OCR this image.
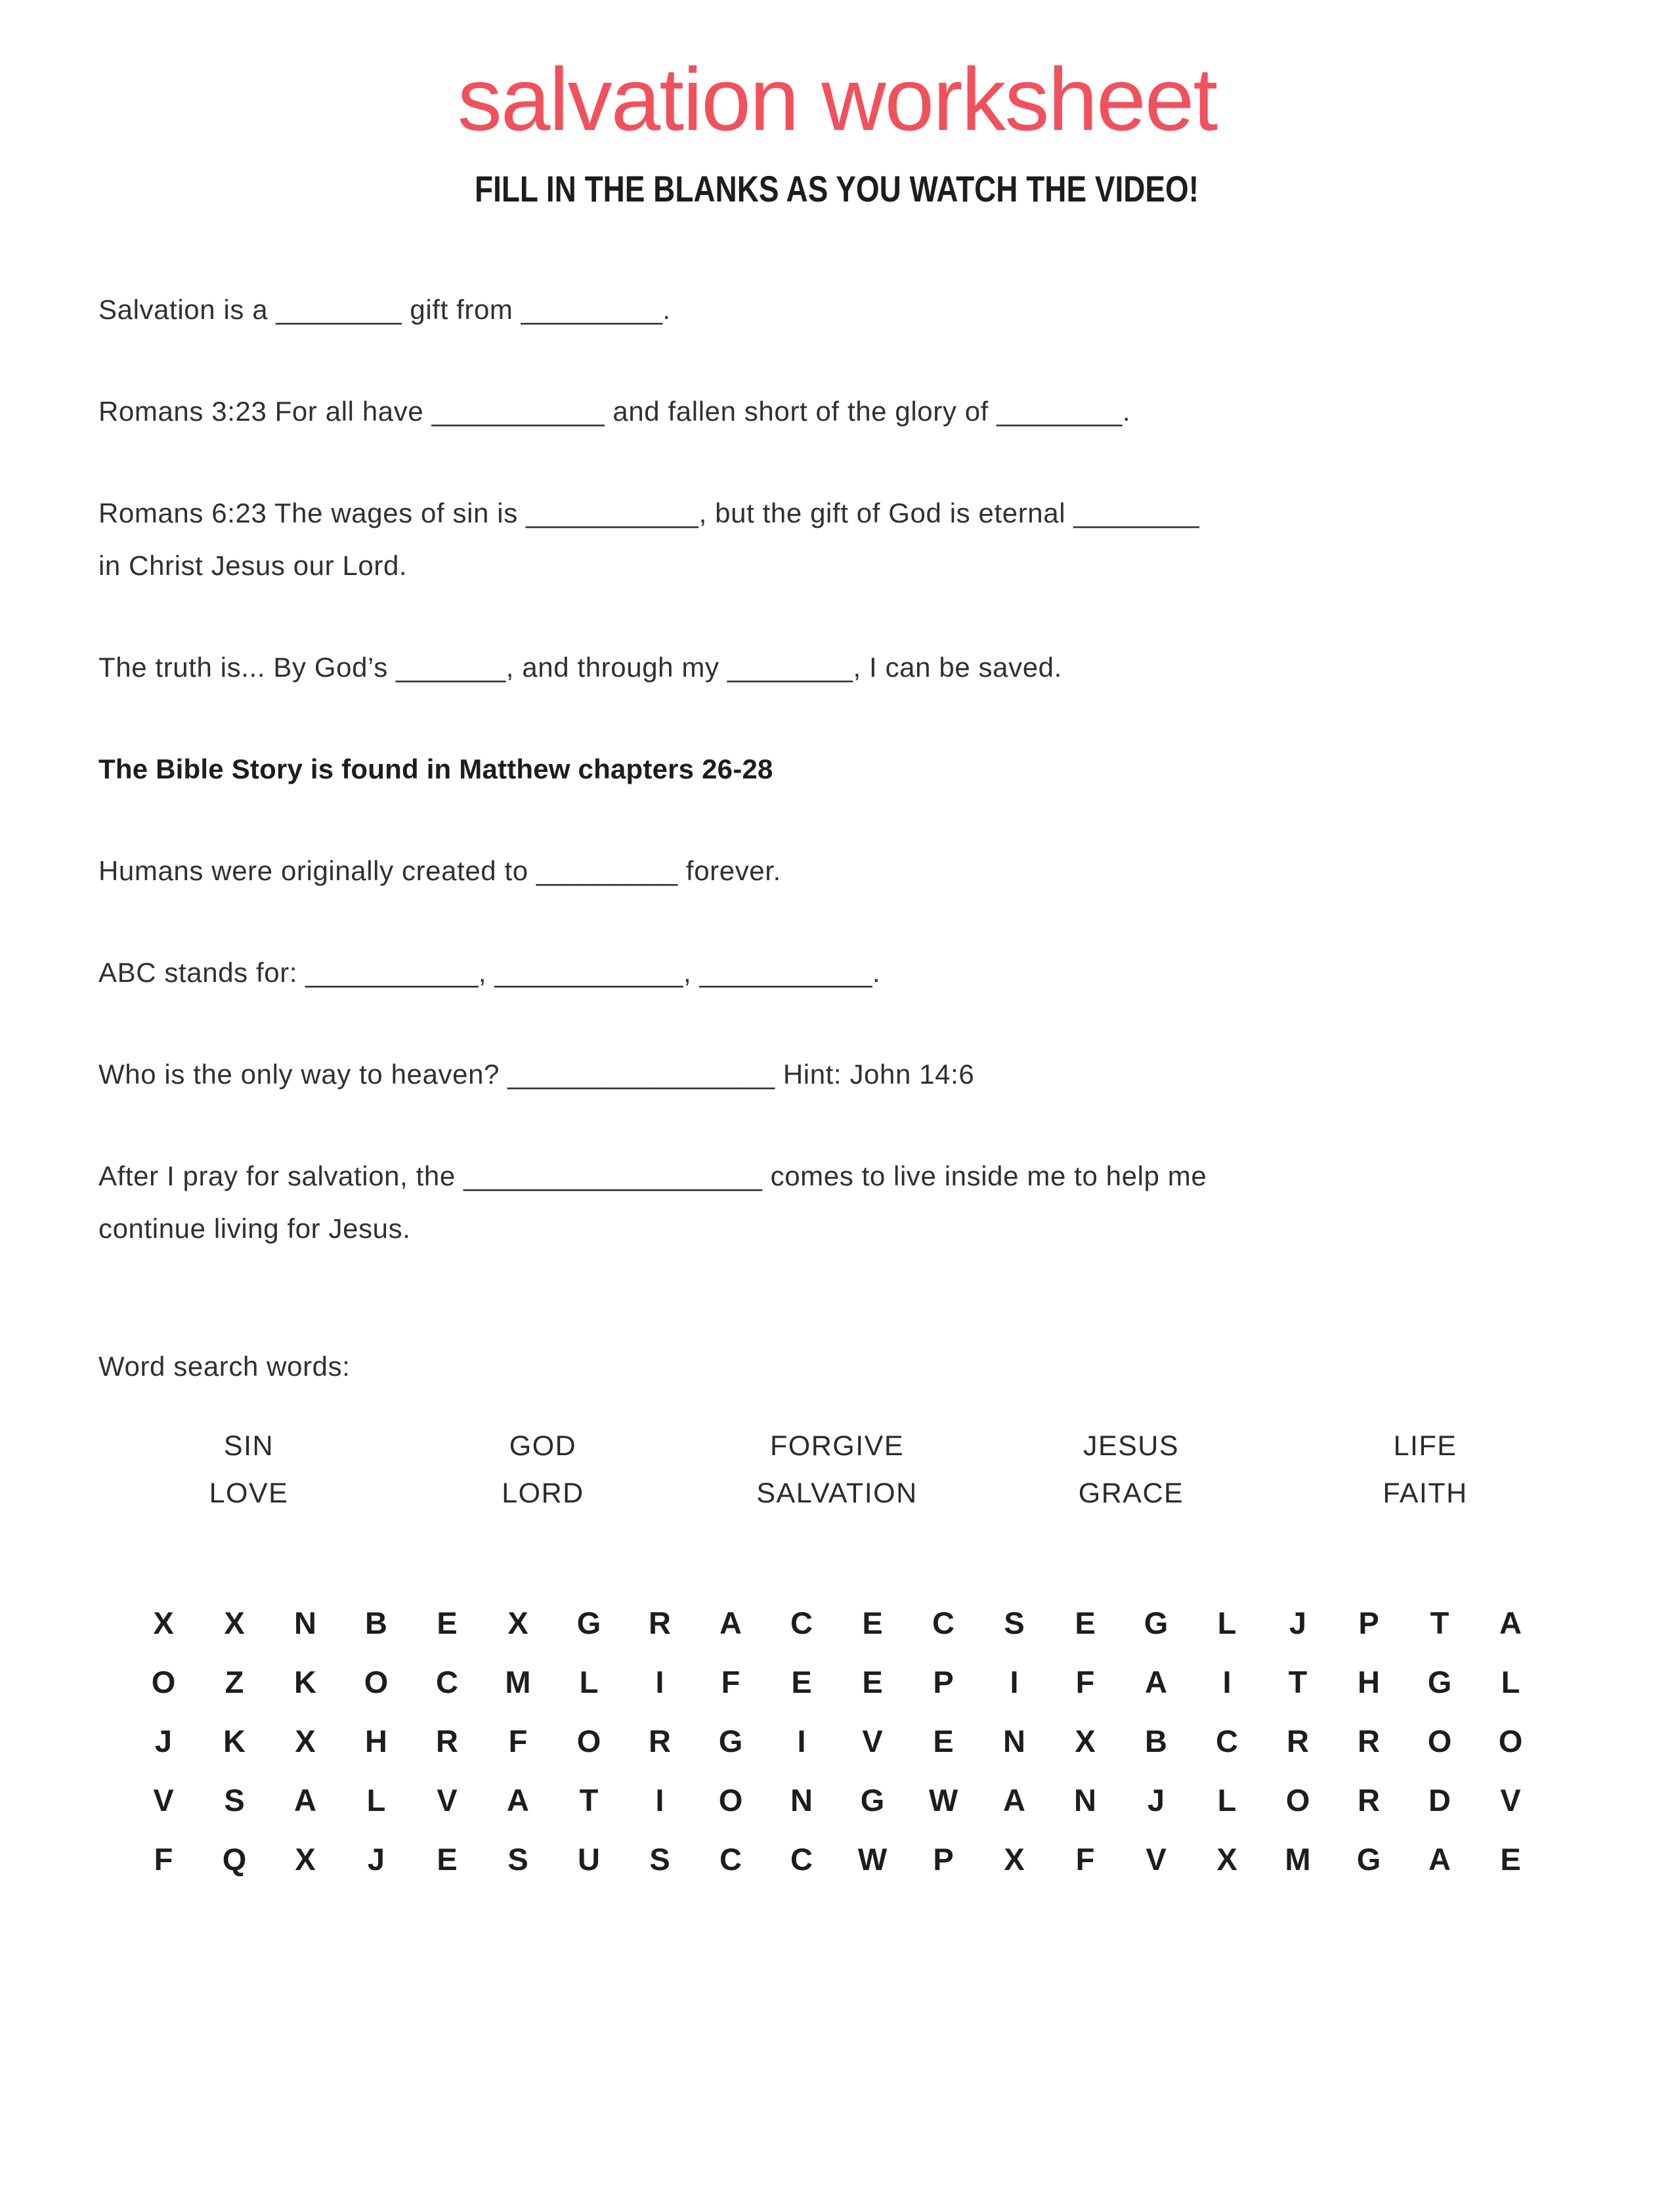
salvation worksheet
FILL IN THE BLANKS AS YOU WATCH THE VIDEO!

Salvation is a ________ gift from _________.

Romans 3:23 For all have ___________ and fallen short of the glory of ________.

Romans 6:23 The wages of sin is ___________, but the gift of God is eternal ________
in Christ Jesus our Lord.

The truth is... By God’s _______, and through my ________, I can be saved.

The Bible Story is found in Matthew chapters 26-28

Humans were originally created to _________ forever.

ABC stands for: ___________, ____________, ___________.

Who is the only way to heaven? _________________ Hint: John 14:6

After I pray for salvation, the ___________________ comes to live inside me to help me
continue living for Jesus.

Word search words:

SIN	GOD	FORGIVE	JESUS	LIFE
LOVE	LORD	SALVATION	GRACE	FAITH
X	X	N	B	E	X	G	R	A	C	E	C	S	E	G	L	J	P	T	A
O	Z	K	O	C	M	L	I	F	E	E	P	I	F	A	I	T	H	G	L
J	K	X	H	R	F	O	R	G	I	V	E	N	X	B	C	R	R	O	O
V	S	A	L	V	A	T	I	O	N	G	W	A	N	J	L	O	R	D	V
F	Q	X	J	E	S	U	S	C	C	W	P	X	F	V	X	M	G	A	E
